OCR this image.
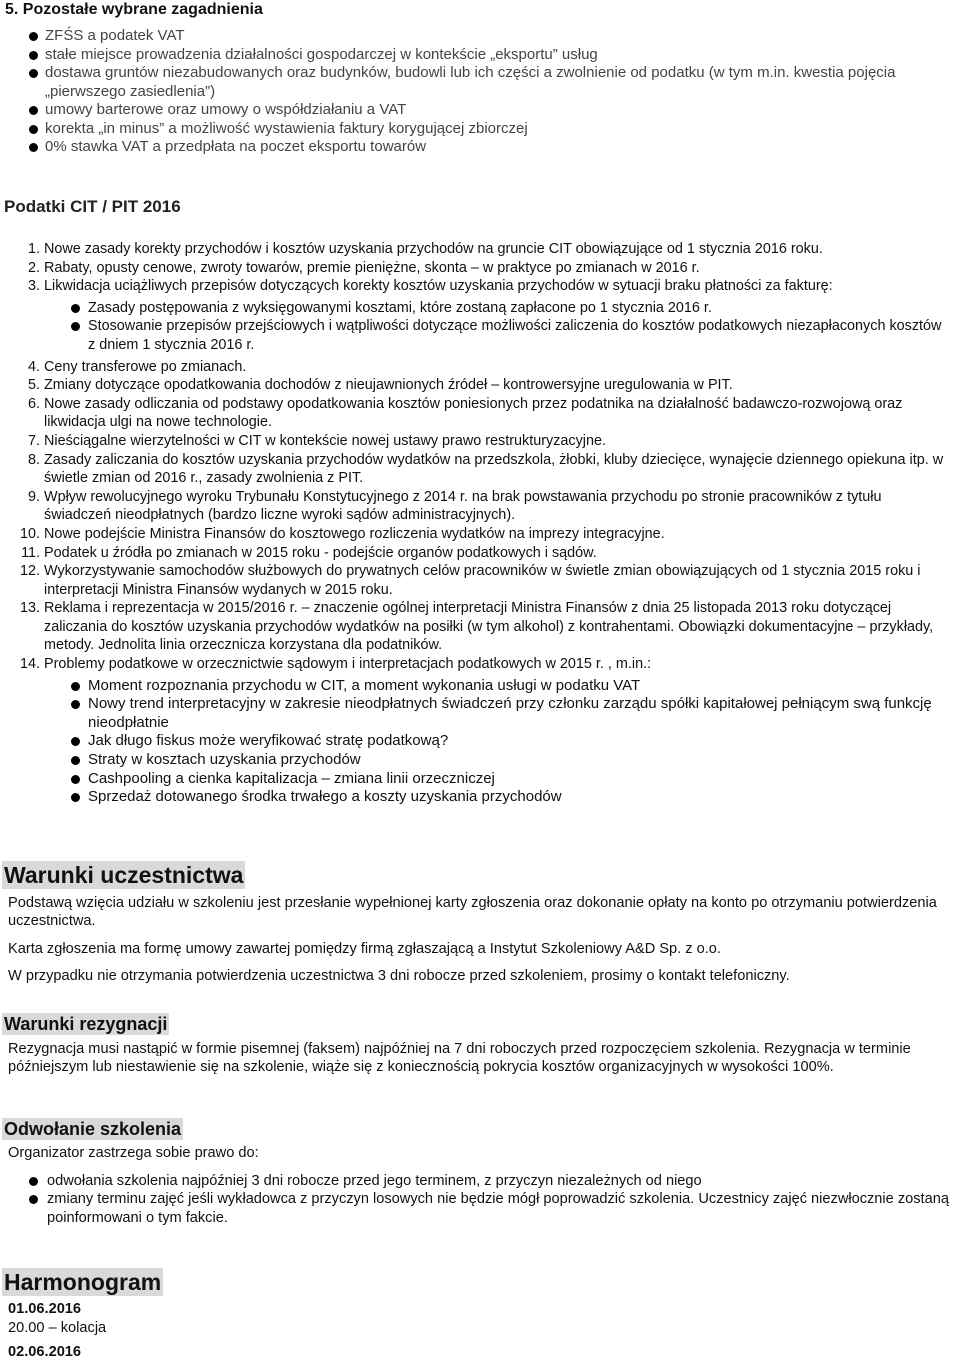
5. Pozostałe wybrane zagadnienia
ZFŚS a podatek VAT
stałe miejsce prowadzenia działalności gospodarczej w kontekście „eksportu” usług
dostawa gruntów niezabudowanych oraz budynków, budowli lub ich części a zwolnienie od podatku (w tym m.in. kwestia pojęcia „pierwszego zasiedlenia”)
umowy barterowe oraz umowy o współdziałaniu a VAT
korekta „in minus” a możliwość wystawienia faktury korygującej zbiorczej
0% stawka VAT a przedpłata na poczet eksportu towarów
Podatki CIT / PIT 2016
1. Nowe zasady korekty przychodów i kosztów uzyskania przychodów na gruncie CIT obowiązujące od 1 stycznia 2016 roku.
2. Rabaty, opusty cenowe, zwroty towarów, premie pieniężne, skonta – w praktyce po zmianach w 2016 r.
3. Likwidacja uciążliwych przepisów dotyczących korekty kosztów uzyskania przychodów w sytuacji braku płatności za fakturę:
Zasady postępowania z wyksięgowanymi kosztami, które zostaną zapłacone po 1 stycznia 2016 r.
Stosowanie przepisów przejściowych i wątpliwości dotyczące możliwości zaliczenia do kosztów podatkowych niezapłaconych kosztów z dniem 1 stycznia 2016 r.
4. Ceny transferowe po zmianach.
5. Zmiany dotyczące opodatkowania dochodów z nieujawnionych źródeł – kontrowersyjne uregulowania w PIT.
6. Nowe zasady odliczania od podstawy opodatkowania kosztów poniesionych przez podatnika na działalność badawczo-rozwojową oraz likwidacja ulgi na nowe technologie.
7. Nieściągalne wierzytelności w CIT w kontekście nowej ustawy prawo restrukturyzacyjne.
8. Zasady zaliczania do kosztów uzyskania przychodów wydatków na przedszkola, żłobki, kluby dziecięce, wynajęcie dziennego opiekuna itp. w świetle zmian od 2016 r., zasady zwolnienia z PIT.
9. Wpływ rewolucyjnego wyroku Trybunału Konstytucyjnego z 2014 r. na brak powstawania przychodu po stronie pracowników z tytułu świadczeń nieodpłatnych (bardzo liczne wyroki sądów administracyjnych).
10. Nowe podejście Ministra Finansów do kosztowego rozliczenia wydatków na imprezy integracyjne.
11. Podatek u źródła po zmianach w 2015 roku - podejście organów podatkowych i sądów.
12. Wykorzystywanie samochodów służbowych do prywatnych celów pracowników w świetle zmian obowiązujących od 1 stycznia 2015 roku i interpretacji Ministra Finansów wydanych w 2015 roku.
13. Reklama i reprezentacja w 2015/2016 r. – znaczenie ogólnej interpretacji Ministra Finansów z dnia 25 listopada 2013 roku dotyczącej zaliczania do kosztów uzyskania przychodów wydatków na posiłki (w tym alkohol) z kontrahentami. Obowiązki dokumentacyjne – przykłady, metody. Jednolita linia orzecznicza korzystana dla podatników.
14. Problemy podatkowe w orzecznictwie sądowym i interpretacjach podatkowych w 2015 r. , m.in.:
Moment rozpoznania przychodu w CIT, a moment wykonania usługi w podatku VAT
Nowy trend interpretacyjny w zakresie nieodpłatnych świadczeń przy członku zarządu spółki kapitałowej pełniącym swą funkcję nieodpłatnie
Jak długo fiskus może weryfikować stratę podatkową?
Straty w kosztach uzyskania przychodów
Cashpooling a cienka kapitalizacja – zmiana linii orzeczniczej
Sprzedaż dotowanego środka trwałego a koszty uzyskania przychodów
Warunki uczestnictwa

Podstawą wzięcia udziału w szkoleniu jest przesłanie wypełnionej karty zgłoszenia oraz dokonanie opłaty na konto po otrzymaniu potwierdzenia uczestnictwa.

Karta zgłoszenia ma formę umowy zawartej pomiędzy firmą zgłaszającą a Instytut Szkoleniowy A&D Sp. z o.o.

W przypadku nie otrzymania potwierdzenia uczestnictwa 3 dni robocze przed szkoleniem, prosimy o kontakt telefoniczny.

Warunki rezygnacji

Rezygnacja musi nastąpić w formie pisemnej (faksem) najpóźniej na 7 dni roboczych przed rozpoczęciem szkolenia. Rezygnacja w terminie późniejszym lub niestawienie się na szkolenie, wiąże się z koniecznością pokrycia kosztów organizacyjnych w wysokości 100%.

Odwołanie szkolenia

Organizator zastrzega sobie prawo do:

odwołania szkolenia najpóźniej 3 dni robocze przed jego terminem, z przyczyn niezależnych od niego
zmiany terminu zajęć jeśli wykładowca z przyczyn losowych nie będzie mógł poprowadzić szkolenia. Uczestnicy zajęć niezwłocznie zostaną poinformowani o tym fakcie.
Harmonogram
01.06.2016
20.00 – kolacja
02.06.2016
